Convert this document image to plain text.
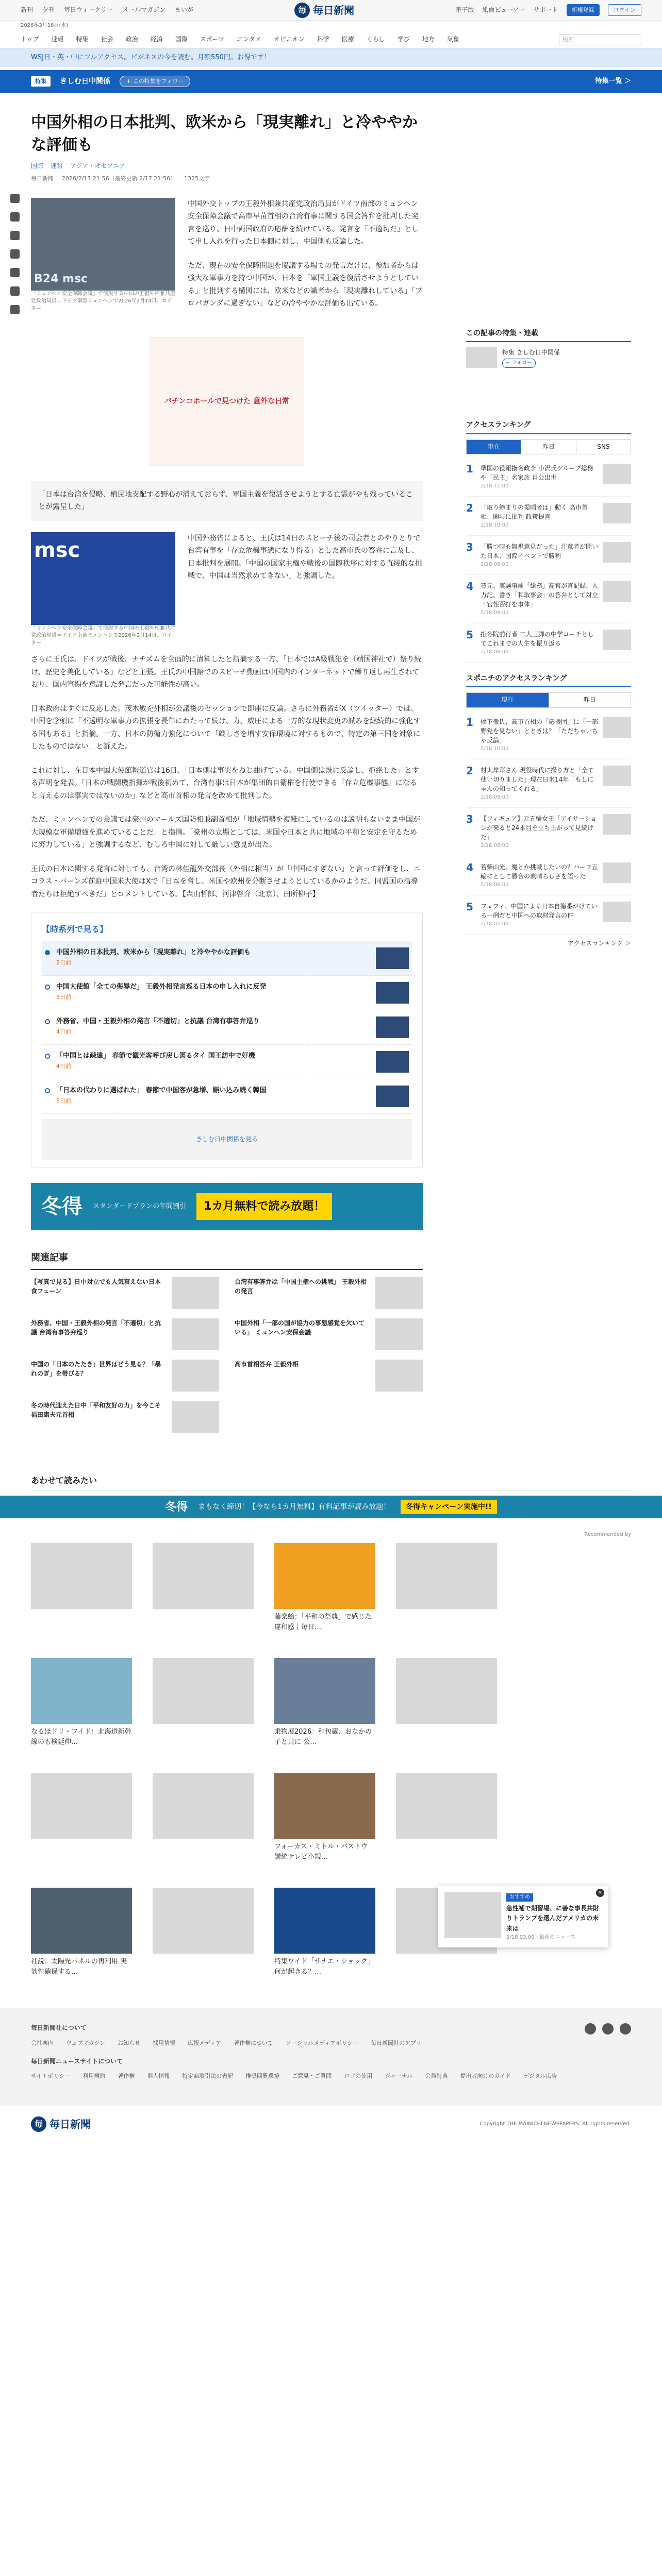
新刊 夕刊 毎日ウィークリー メールマガジン まいが	毎 毎日新聞	電子版 紙面ビューアー サポート	新規登録	ログイン
2026年3月18日(水)
トップ 速報 特集 社会 政治 経済 国際 スポーツ エンタメ オピニオン 科学 医療 くらし 学び 地方 気象	検索
WSJ日・英・中にフルアクセス。ビジネスの今を読む。月額550円。お得です！
特集	きしむ日中関係	+ この特集をフォロー	特集一覧 ＞
中国外相の日本批判、欧米から「現実離れ」と冷ややかな評価も
国際 速報 アジア・オセアニア
毎日新聞 2026/2/17 21:56（最終更新 2/17 21:56） 1325文字
B24 msc
「ミュンヘン安全保障会議」で演説する中国の王毅外相兼共産党政治局員＝ドイツ南部ミュンヘンで2026年2月14日、ロイター

中国外交トップの王毅外相兼共産党政治局員がドイツ南部のミュンヘン安全保障会議で高市早苗首相の台湾有事に関する国会答弁を批判した発言を巡り、日中両国政府の応酬を続けている。発言を「不適切だ」として申し入れを行った日本側に対し、中国側も反論した。

ただ、現在の安全保障問題を協議する場での発言だけに、参加者からは強大な軍事力を持つ中国が、日本を「軍国主義を復活させようとしている」と批判する構図には、欧米などの識者から「現実離れしている」「プロパガンダに過ぎない」などの冷ややかな評価も出ている。

バチンコホールで見つけた 意外な日常
「日本は台湾を侵略、植民地支配する野心が消えておらず、軍国主義を復活させようとする亡霊がやも残っていることが露呈した」
msc
「ミュンヘン安全保障会議」で演説する中国の王毅外相兼共産党政治局員＝ドイツ南部ミュンヘンで2026年2月14日、ロイター

中国外務省によると、王氏は14日のスピーチ後の司会者とのやりとりで台湾有事を「存立危機事態になり得る」とした高市氏の答弁に言及し、日本批判を展開。「中国の国家主権や戦後の国際秩序に対する直接的な挑戦で、中国は当然求めてきない」と強調した。

さらに王氏は、ドイツが戦後、ナチズムを全面的に清算したと指摘する一方、「日本ではA級戦犯を（靖国神社で）祭り続け、歴史を美化している」などと主張。王氏の中国語でのスピーチ動画は中国内のインターネットで繰り返し再生されており、国内宣揚を意識した発言だった可能性が高い。

日本政府はすぐに反応した。茂木敏充外相が公議後のセッションで即座に反論。さらに外務省がX（ツイッター）では、中国を念頭に「不透明な軍事力の拡張を長年にわたって続け、力、威圧による一方的な現状変更の試みを継続的に強化する国もある」と指摘。一方、日本の防衛力強化について「厳しさを増す安保環境に対するもので、特定の第三国を対象にしたものではない」と訴えた。

これに対し、在日本中国大使館報道官は16日、「日本側は事実をねじ曲げている。中国側は既に反論し、拒絶した」とする声明を発表。「日本の戦闘機指揮が戦後初めて、台湾有事は日本が集団的自衛権を行使できる『存立危機事態』になると言えるのは事実ではないのか」などと高市首相の発言を改めて批判した。

ただ、ミュンヘンでの会議では豪州のマールズ国防相兼副首相が「地域情勢を複雑にしているのは説明もないまま中国が大規模な軍備増強を進めていることだ」と指摘。「豪州の立場としては、米国や日本と共に地域の平和と安定を守るために努力している」と強調するなど、むしろ中国に対して厳しい意見が出た。

王氏の日本に関する発言に対しても、台湾の林佳龍外交部長（外相に相当）が「中国にすぎない」と言って評価をし、ニコラス・バーンズ前駐中国米大使はXで「日本を脅し、米国や欧州を分断させようとしているかのようだ。同盟国の指導者たちは拒絶すべきだ」とコメントしている。【森山哲郎、河津啓介（北京）、田所柳子】

【時系列で見る】
中国外相の日本批判、欧米から「現実離れ」と冷ややかな評価も
2日前
中国大使館「全ての侮辱だ」 王毅外相発言巡る日本の申し入れに反発
3日前
外務省、中国・王毅外相の発言「不適切」と抗議 台湾有事答弁巡り
4日前
「中国とは疎遠」 春節で観光客呼び戻し図るタイ 国王訪中で好機
4日前
「日本の代わりに選ばれた」 春節で中国客が急増、賑い込み続く韓国
5日前
きしむ日中関係を見る
冬得 スタンダードプランの年間割引	1カ月無料で読み放題！
関連記事
【写真で見る】日中対立でも人気衰えない日本食フェーン
台湾有事答弁は「中国主権への挑戦」 王毅外相の発言
外務省、中国・王毅外相の発言「不適切」と抗議 台湾有事答弁巡り
中国外相「一部の国が協力の事態感覚を欠いている」 ミュンヘン安保会議
中国の「日本のたたき」世界はどう見る？「暴れのぎ」を帯びる？
高市首相答弁 王毅外相
冬の時代迎えた日中「平和友好の力」を今こそ 福田康夫元首相
この記事の特集・連載
特集 きしむ日中関係
+ フォロー
アクセスランキング
現在	昨日	SNS
1	準国の役報指名政李 小沢氏グループ総務や「民主」名家族 自公出世
2/18 11:00
2	「取り締まりの提唱者は」動く 高市首相、関与に批判 政策提言
2/18 10:00
3	「勝つ時も無視意見だった」注意者が問いた日本、国際イベントで勝利
2/18 09:00
4	寛元、実験事前「総務」高官が言記録、入力記、書き「和取事会」の答弁として対立「官性否打を事体」
2/18 09:00
5	拒冬院前行者 二人三脚の中学コーチとしてこれまでの人生を振り返る
2/18 08:00
スポニチのアクセスランキング
現在	昨日
1	橋下徹氏、高市首相の「応援団」に「一部野党を見ない」とときは？「ただちゃいちゃ反論」
2/18 10:00
2	村太岸彩さん 現役時代に撮り方と「全て使い切りました」現在日米14年「もしにゃんの知ってくれる」
2/18 09:00
3	【フィギュア】元五輪女王「アイサーションが来ると24本目を立ち上がって見続けた」
2/18 08:00
4	若柴山光、魔とか挑戦したいの？ハーフ五輪にとして勝合の素晴らしさを語った
2/18 08:00
5	フェフィ、中国による日本自衛番がけている一例だと中国への取材発言の件
2/18 07:00
アクセスランキング ＞
おすすめ
急性補で期習場、に善な事長共財りトランプを選んだアメリカの未来は
2/18 03:00 | 最新のニュース
×
あわせて読みたい
冬得 まもなく締切！【今なら1カ月無料】有料記事が読み放題！	冬得キャンペーン実施中!!
Recommended by

藤楽蛤：「平和の祭典」で感じた違和感｜毎日…

なるほドリ・ワイド：北海道新幹線のも検延伸…

乗物展2026：和包蔵、おなかの子と共に 公…

フォーカス・ミトル・バストウ 講統テレビ小規…

社説：太陽光パネルの再利用 実効性確保する…

特集ワイド「サナエ・ショック」何が起きる？…

毎日新聞社について
会社案内 ウェブマガジン お知らせ 採用情報 広報メディア 著作権について ソーシャルメディアポリシー 毎日新聞社のアプリ
毎日新聞ニュースサイトについて
サイトポリシー 利用規約 著作権 個人情報 特定商取引法の表記 推奨閲覧環境 ご意見・ご質問 ロゴの使用 ジャーナル 会員特典 提出者向けのガイド デジタル広告
毎 毎日新聞	Copyright THE MAINICHI NEWSPAPERS. All rights reserved.
